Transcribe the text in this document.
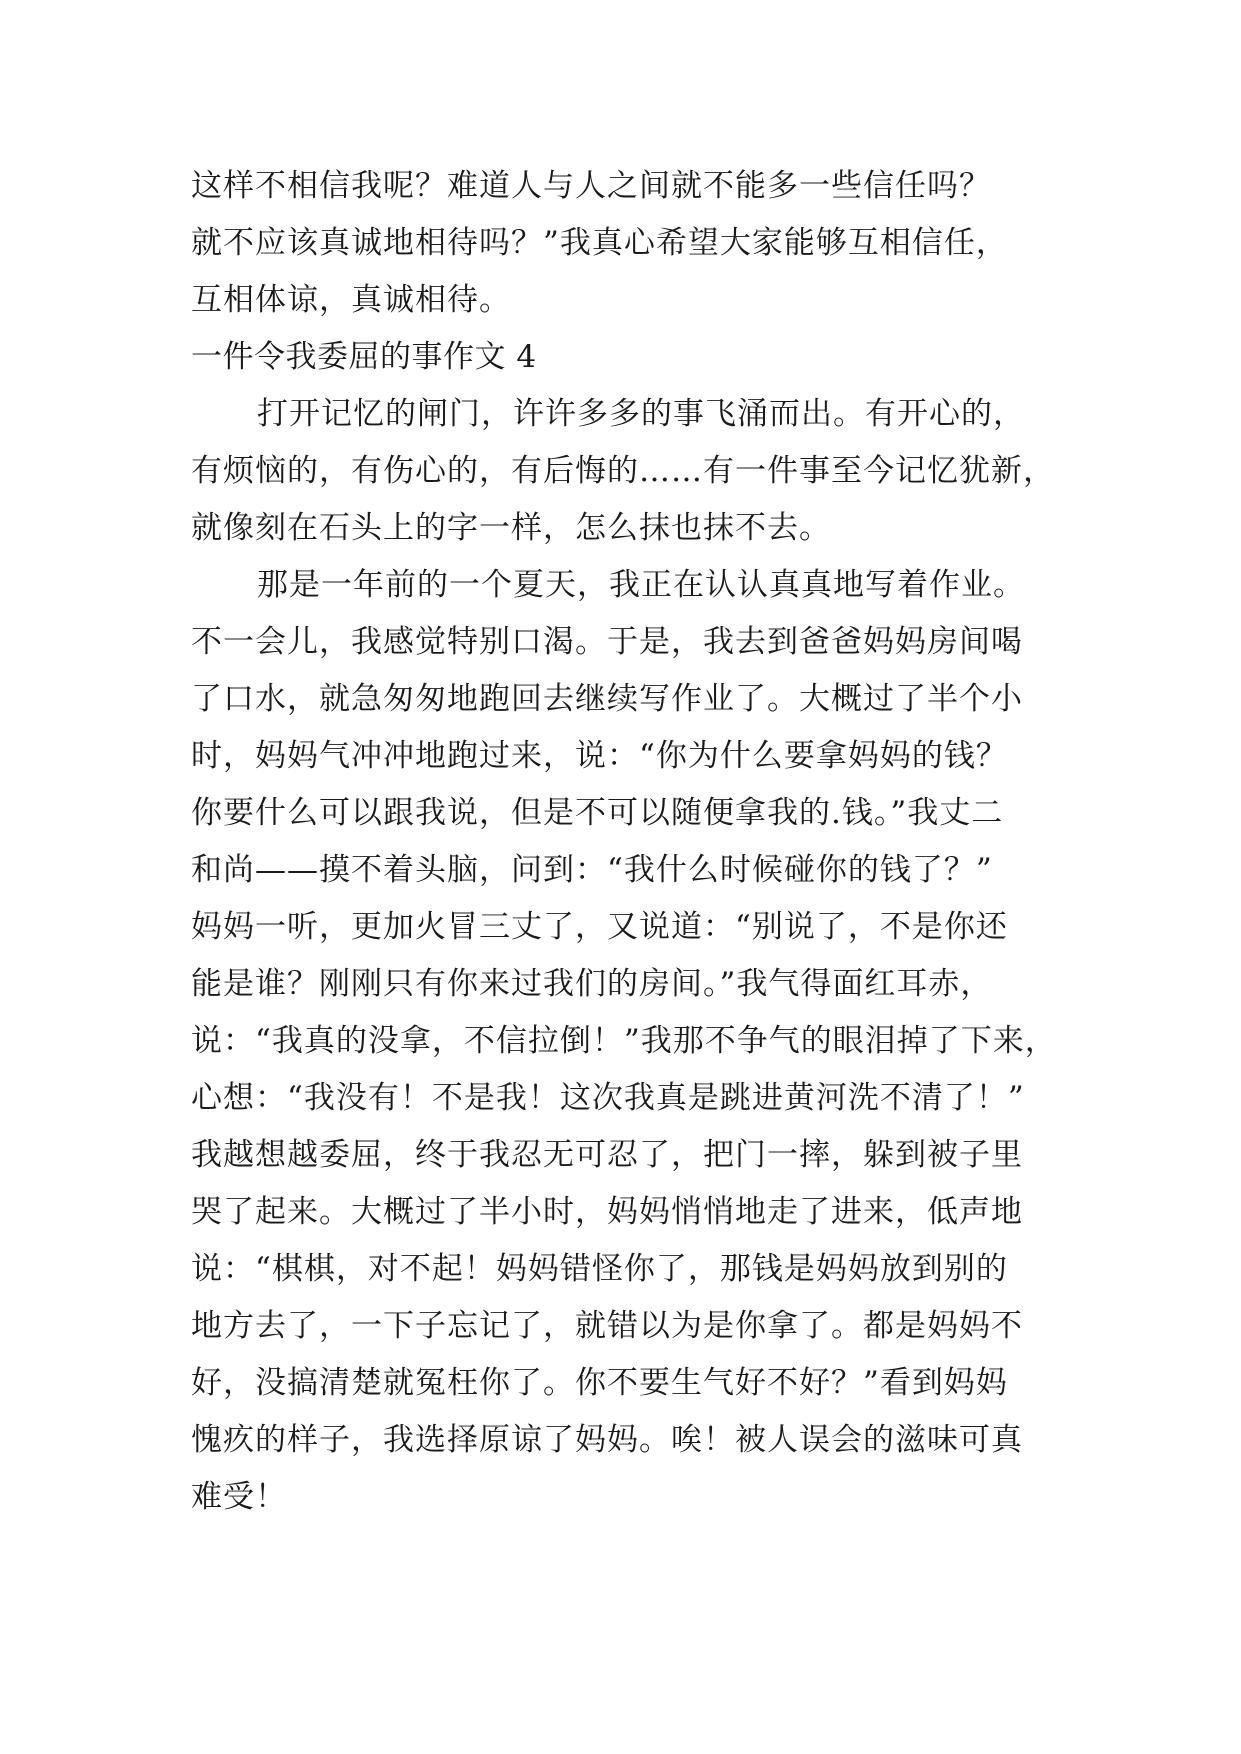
这样不相信我呢？难道人与人之间就不能多一些信任吗？
就不应该真诚地相待吗？”我真心希望大家能够互相信任，
互相体谅，真诚相待。
一件令我委屈的事作文 4
打开记忆的闸门，许许多多的事飞涌而出。有开心的，
有烦恼的，有伤心的，有后悔的……有一件事至今记忆犹新，
就像刻在石头上的字一样，怎么抹也抹不去。
那是一年前的一个夏天，我正在认认真真地写着作业。
不一会儿，我感觉特别口渴。于是，我去到爸爸妈妈房间喝
了口水，就急匆匆地跑回去继续写作业了。大概过了半个小
时，妈妈气冲冲地跑过来，说：“你为什么要拿妈妈的钱？
你要什么可以跟我说，但是不可以随便拿我的.钱。”我丈二
和尚——摸不着头脑，问到：“我什么时候碰你的钱了？”
妈妈一听，更加火冒三丈了，又说道：“别说了，不是你还
能是谁？刚刚只有你来过我们的房间。”我气得面红耳赤，
说：“我真的没拿，不信拉倒！”我那不争气的眼泪掉了下来，
心想：“我没有！不是我！这次我真是跳进黄河洗不清了！”
我越想越委屈，终于我忍无可忍了，把门一摔，躲到被子里
哭了起来。大概过了半小时，妈妈悄悄地走了进来，低声地
说：“棋棋，对不起！妈妈错怪你了，那钱是妈妈放到别的
地方去了，一下子忘记了，就错以为是你拿了。都是妈妈不
好，没搞清楚就冤枉你了。你不要生气好不好？”看到妈妈
愧疚的样子，我选择原谅了妈妈。唉！被人误会的滋味可真
难受！
